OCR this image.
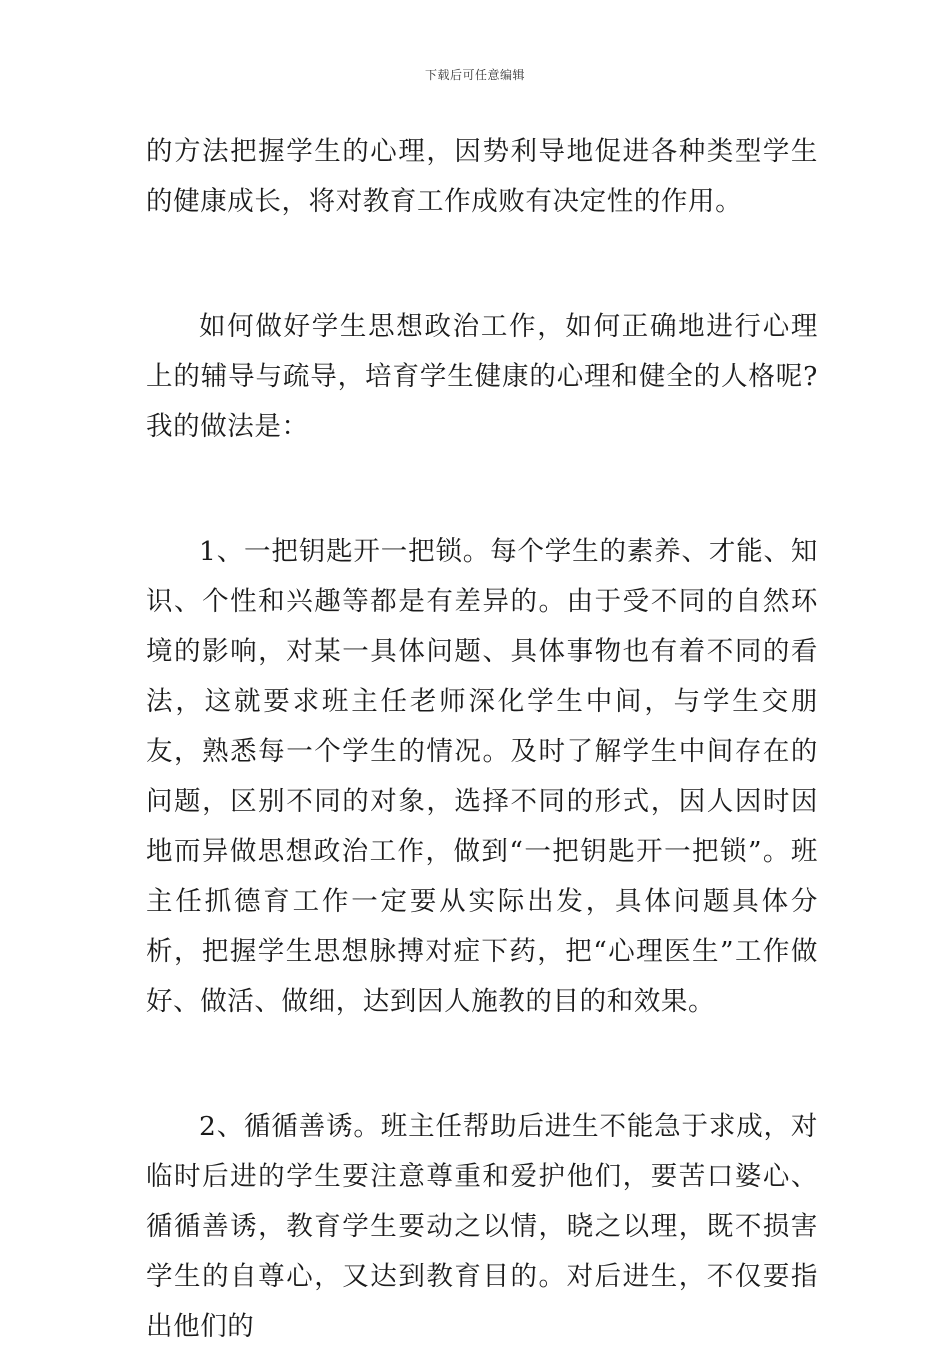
下载后可任意编辑

的方法把握学生的心理，因势利导地促进各种类型学生的健康成长，将对教育工作成败有决定性的作用。

如何做好学生思想政治工作，如何正确地进行心理上的辅导与疏导，培育学生健康的心理和健全的人格呢?我的做法是：

1、一把钥匙开一把锁。每个学生的素养、才能、知识、个性和兴趣等都是有差异的。由于受不同的自然环境的影响，对某一具体问题、具体事物也有着不同的看法，这就要求班主任老师深化学生中间，与学生交朋友，熟悉每一个学生的情况。及时了解学生中间存在的问题，区别不同的对象，选择不同的形式，因人因时因地而异做思想政治工作，做到“一把钥匙开一把锁”。班主任抓德育工作一定要从实际出发，具体问题具体分析，把握学生思想脉搏对症下药，把“心理医生”工作做好、做活、做细，达到因人施教的目的和效果。

2、循循善诱。班主任帮助后进生不能急于求成，对临时后进的学生要注意尊重和爱护他们，要苦口婆心、循循善诱，教育学生要动之以情，晓之以理，既不损害学生的自尊心，又达到教育目的。对后进生，不仅要指出他们的
